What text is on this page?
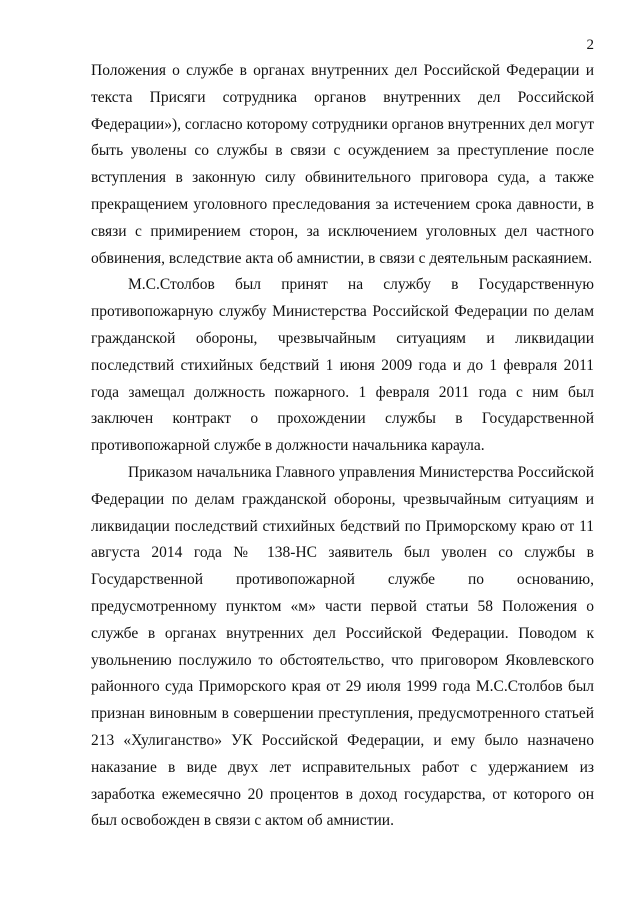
2

Положения о службе в органах внутренних дел Российской Федерации и текста Присяги сотрудника органов внутренних дел Российской Федерации»), согласно которому сотрудники органов внутренних дел могут быть уволены со службы в связи с осуждением за преступление после вступления в законную силу обвинительного приговора суда, а также прекращением уголовного преследования за истечением срока давности, в связи с примирением сторон, за исключением уголовных дел частного обвинения, вследствие акта об амнистии, в связи с деятельным раскаянием.

М.С.Столбов был принят на службу в Государственную противопожарную службу Министерства Российской Федерации по делам гражданской обороны, чрезвычайным ситуациям и ликвидации последствий стихийных бедствий 1 июня 2009 года и до 1 февраля 2011 года замещал должность пожарного. 1 февраля 2011 года с ним был заключен контракт о прохождении службы в Государственной противопожарной службе в должности начальника караула.

Приказом начальника Главного управления Министерства Российской Федерации по делам гражданской обороны, чрезвычайным ситуациям и ликвидации последствий стихийных бедствий по Приморскому краю от 11 августа 2014 года № 138-НС заявитель был уволен со службы в Государственной противопожарной службе по основанию, предусмотренному пунктом «м» части первой статьи 58 Положения о службе в органах внутренних дел Российской Федерации. Поводом к увольнению послужило то обстоятельство, что приговором Яковлевского районного суда Приморского края от 29 июля 1999 года М.С.Столбов был признан виновным в совершении преступления, предусмотренного статьей 213 «Хулиганство» УК Российской Федерации, и ему было назначено наказание в виде двух лет исправительных работ с удержанием из заработка ежемесячно 20 процентов в доход государства, от которого он был освобожден в связи с актом об амнистии.
